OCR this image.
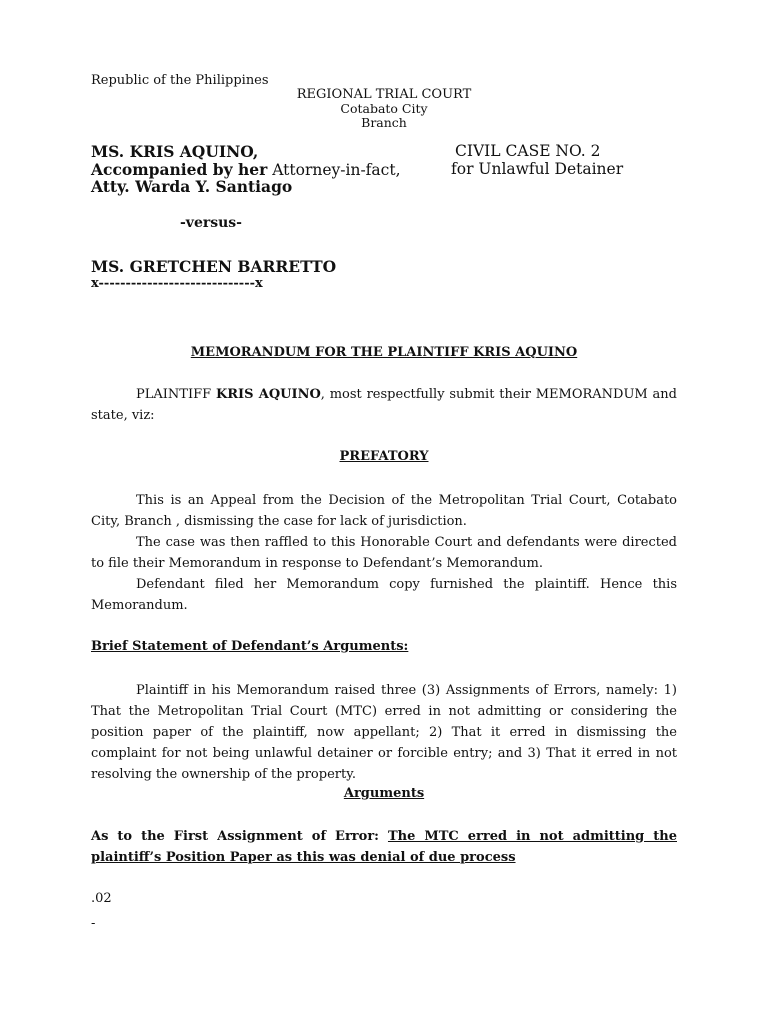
Republic of the Philippines
REGIONAL TRIAL COURT
Cotabato City
Branch
MS. KRIS AQUINO,
Accompanied by her Attorney-in-fact,
Atty. Warda Y. Santiago
CIVIL CASE NO. 2
for Unlawful Detainer
-versus-
MS. GRETCHEN BARRETTO
x-----------------------------x
MEMORANDUM FOR THE PLAINTIFF KRIS AQUINO
PLAINTIFF KRIS AQUINO, most respectfully submit their MEMORANDUM and state, viz:
PREFATORY
This is an Appeal from the Decision of the Metropolitan Trial Court, Cotabato City, Branch , dismissing the case for lack of jurisdiction.
The case was then raffled to this Honorable Court and defendants were directed to file their Memorandum in response to Defendant’s Memorandum.
Defendant filed her Memorandum copy furnished the plaintiff. Hence this Memorandum.
Brief Statement of Defendant’s Arguments:
Plaintiff in his Memorandum raised three (3) Assignments of Errors, namely: 1) That the Metropolitan Trial Court (MTC) erred in not admitting or considering the position paper of the plaintiff, now appellant; 2) That it erred in dismissing the complaint for not being unlawful detainer or forcible entry; and 3) That it erred in not resolving the ownership of the property.
Arguments
As to the First Assignment of Error: The MTC erred in not admitting the plaintiff’s Position Paper as this was denial of due process
.02
-
